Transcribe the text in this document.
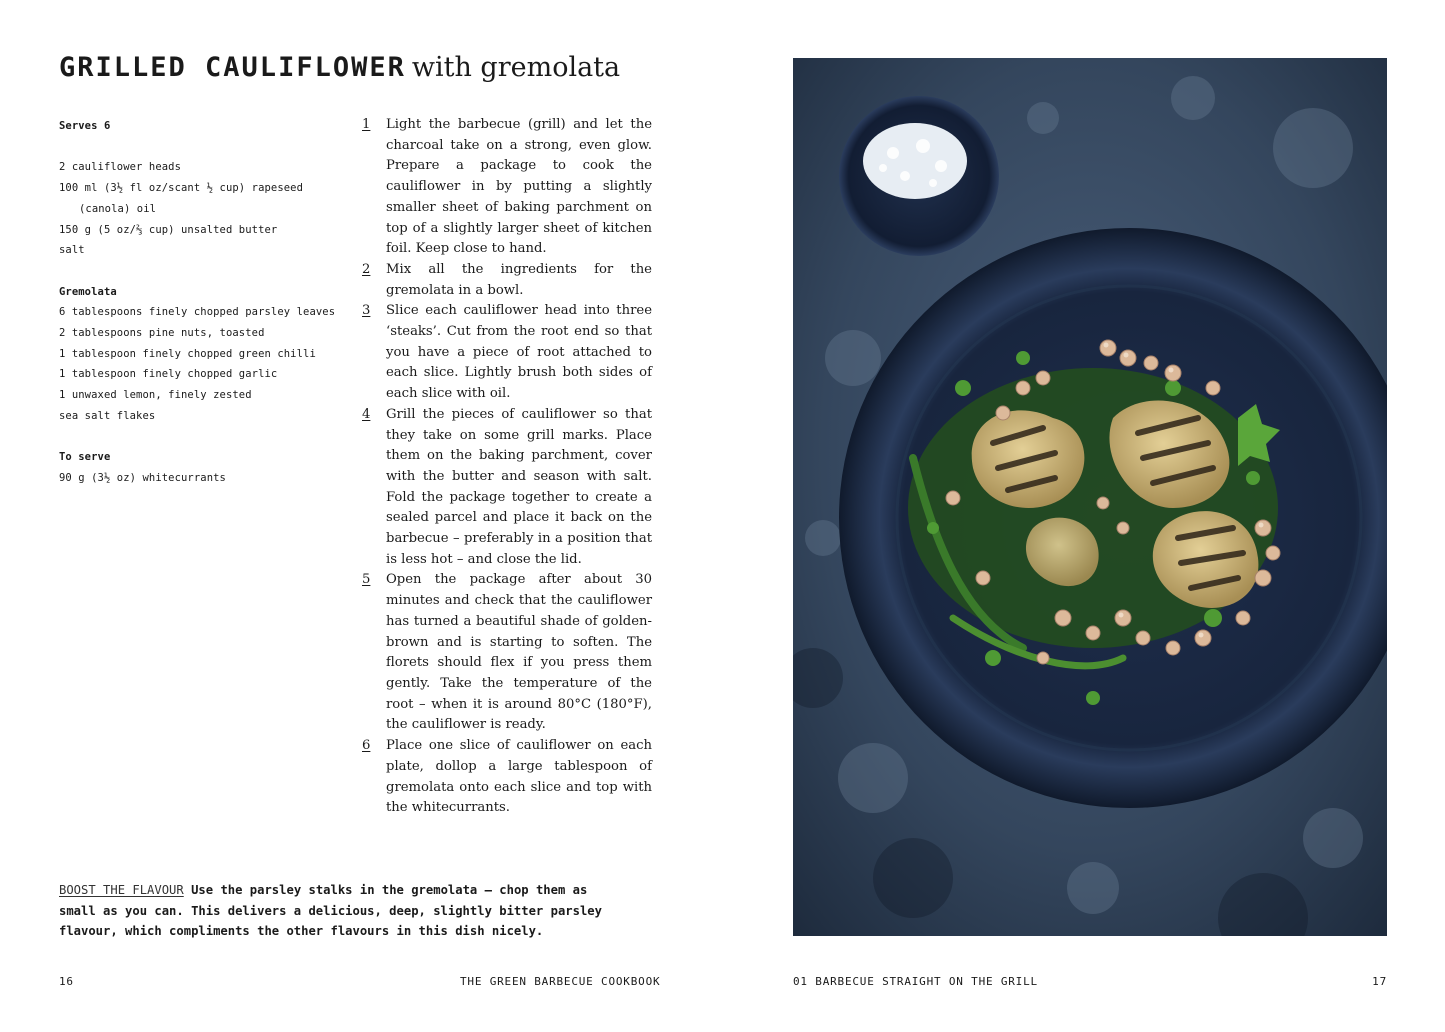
GRILLED CAULIFLOWER with gremolata
Serves 6
2 cauliflower heads
100 ml (3½ fl oz/scant ½ cup) rapeseed
(canola) oil
150 g (5 oz/⅔ cup) unsalted butter
salt
Gremolata
6 tablespoons finely chopped parsley leaves
2 tablespoons pine nuts, toasted
1 tablespoon finely chopped green chilli
1 tablespoon finely chopped garlic
1 unwaxed lemon, finely zested
sea salt flakes
To serve
90 g (3½ oz) whitecurrants
1	Light the barbecue (grill) and let the charcoal take on a strong, even glow. Prepare a package to cook the cauliflower in by putting a slightly smaller sheet of baking parchment on top of a slightly larger sheet of kitchen foil. Keep close to hand.
2	Mix all the ingredients for the gremolata in a bowl.
3	Slice each cauliflower head into three ‘steaks’. Cut from the root end so that you have a piece of root attached to each slice. Lightly brush both sides of each slice with oil.
4	Grill the pieces of cauliflower so that they take on some grill marks. Place them on the baking parchment, cover with the butter and season with salt. Fold the package together to create a sealed parcel and place it back on the barbecue – preferably in a position that is less hot – and close the lid.
5	Open the package after about 30 minutes and check that the cauliflower has turned a beautiful shade of golden-brown and is starting to soften. The florets should flex if you press them gently. Take the temperature of the root – when it is around 80°C (180°F), the cauliflower is ready.
6	Place one slice of cauliflower on each plate, dollop a large tablespoon of gremolata onto each slice and top with the whitecurrants.
BOOST THE FLAVOUR Use the parsley stalks in the gremolata – chop them as small as you can. This delivers a delicious, deep, slightly bitter parsley flavour, which compliments the other flavours in this dish nicely.
16	THE GREEN BARBECUE COOKBOOK	01 BARBECUE STRAIGHT ON THE GRILL	17
